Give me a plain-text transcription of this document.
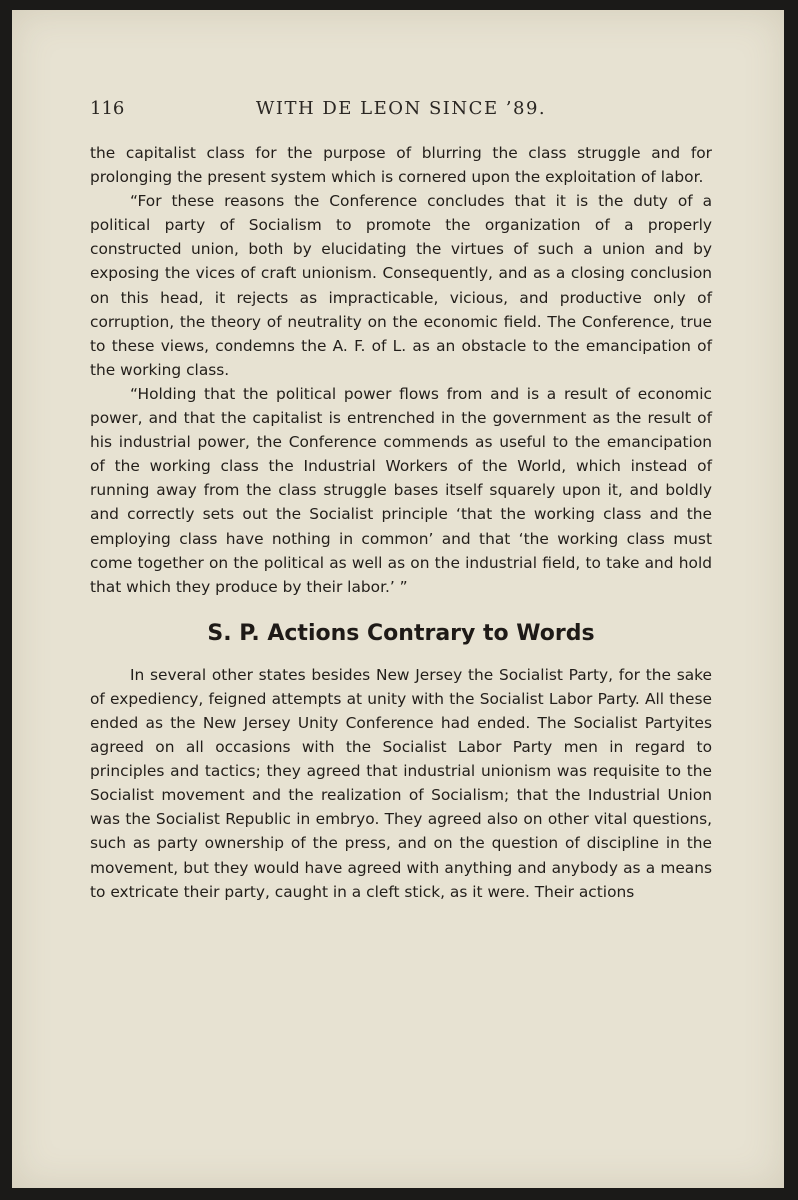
116	WITH DE LEON SINCE ’89.

the capitalist class for the purpose of blurring the class struggle and for prolonging the present system which is cornered upon the exploitation of labor.

“For these reasons the Conference concludes that it is the duty of a political party of Socialism to promote the organization of a properly constructed union, both by elucidating the virtues of such a union and by exposing the vices of craft unionism. Consequently, and as a closing conclusion on this head, it rejects as impracticable, vicious, and productive only of corruption, the theory of neutrality on the economic field. The Conference, true to these views, condemns the A. F. of L. as an obstacle to the emancipation of the working class.

“Holding that the political power flows from and is a result of economic power, and that the capitalist is entrenched in the government as the result of his industrial power, the Conference commends as useful to the emancipation of the working class the Industrial Workers of the World, which instead of running away from the class struggle bases itself squarely upon it, and boldly and correctly sets out the Socialist principle ‘that the working class and the employing class have nothing in common’ and that ‘the working class must come together on the political as well as on the industrial field, to take and hold that which they produce by their labor.’ ”

S. P. Actions Contrary to Words

In several other states besides New Jersey the Socialist Party, for the sake of expediency, feigned attempts at unity with the Socialist Labor Party. All these ended as the New Jersey Unity Conference had ended. The Socialist Partyites agreed on all occasions with the Socialist Labor Party men in regard to principles and tactics; they agreed that industrial unionism was requisite to the Socialist movement and the realization of Socialism; that the Industrial Union was the Socialist Republic in embryo. They agreed also on other vital questions, such as party ownership of the press, and on the question of discipline in the movement, but they would have agreed with anything and anybody as a means to extricate their party, caught in a cleft stick, as it were. Their actions
